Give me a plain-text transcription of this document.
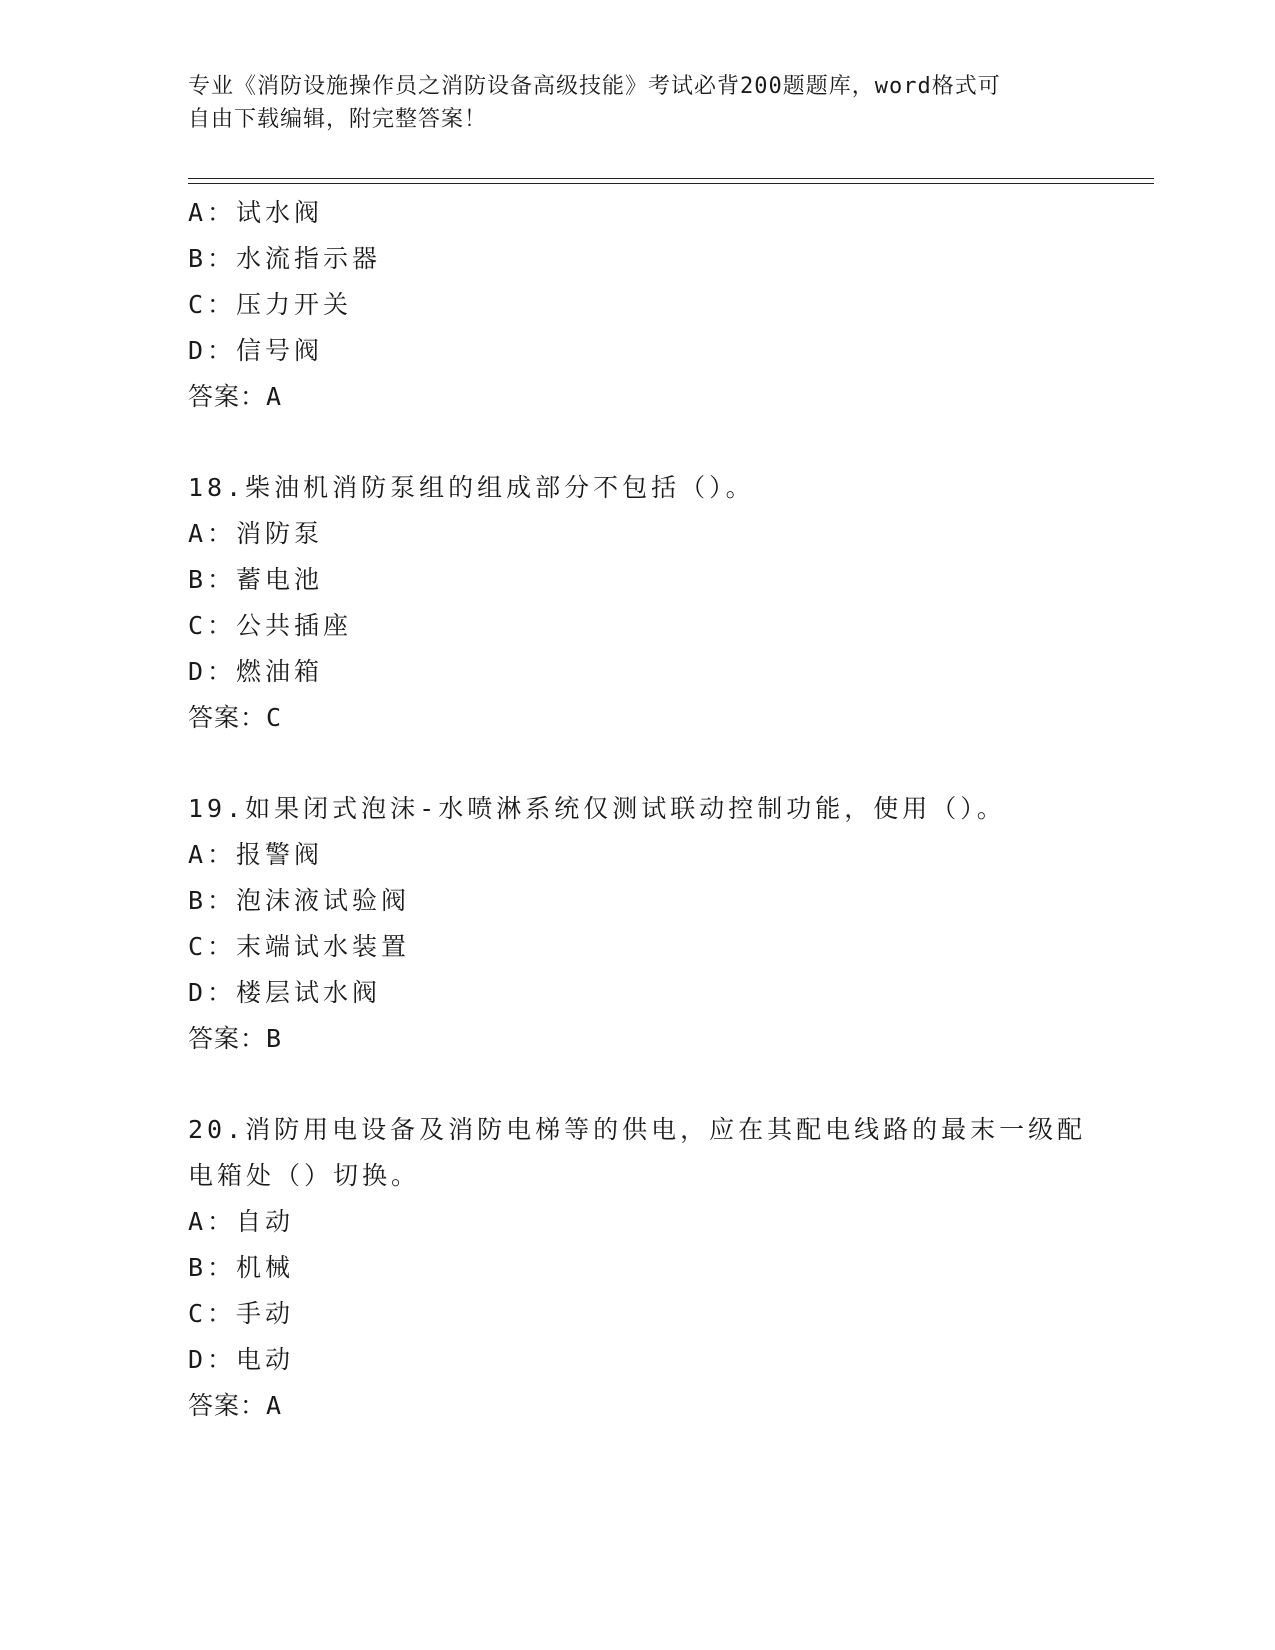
专业《消防设施操作员之消防设备高级技能》考试必背200题题库，word格式可
自由下载编辑，附完整答案！
A：试水阀
B：水流指示器
C：压力开关
D：信号阀
答案：A
18.柴油机消防泵组的组成部分不包括（）。
A：消防泵
B：蓄电池
C：公共插座
D：燃油箱
答案：C
19.如果闭式泡沫-水喷淋系统仅测试联动控制功能，使用（）。
A：报警阀
B：泡沫液试验阀
C：末端试水装置
D：楼层试水阀
答案：B
20.消防用电设备及消防电梯等的供电，应在其配电线路的最末一级配电箱处（）切换。
A：自动
B：机械
C：手动
D：电动
答案：A
